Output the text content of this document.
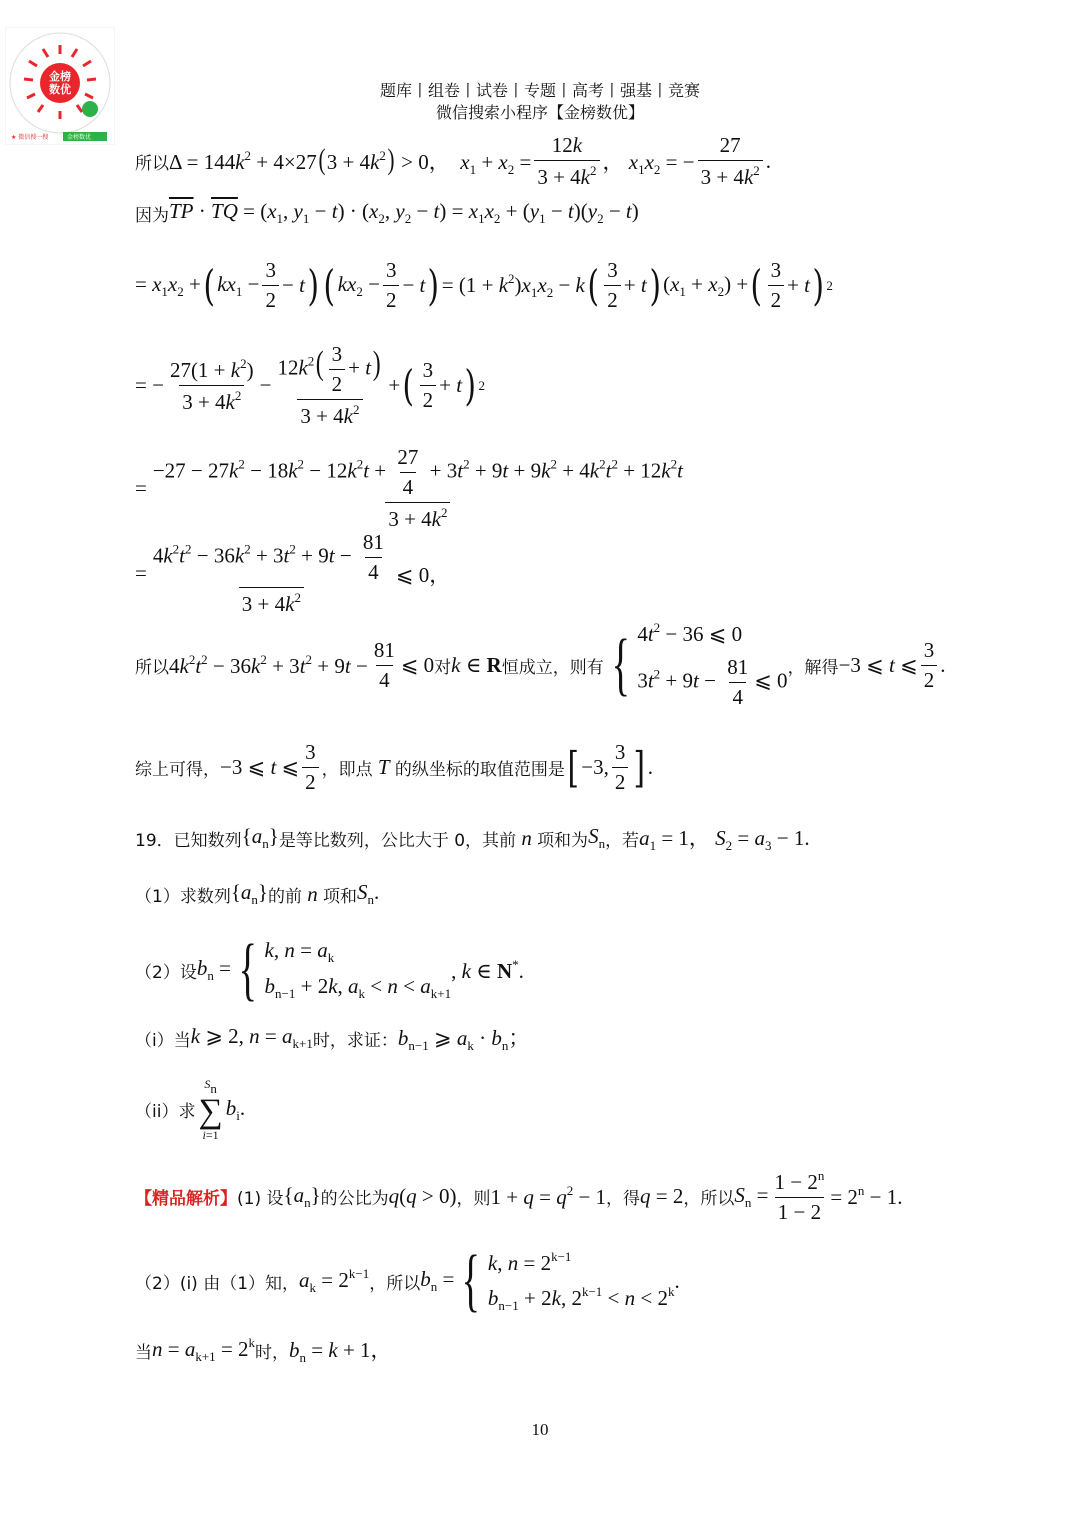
金榜
数优
★ 微信搜一搜	金榜数优
题库丨组卷丨试卷丨专题丨高考丨强基丨竞赛
微信搜索小程序【金榜数优】
所以 $\Delta = 144k^2 + 4\times 27(3 + 4k^2) > 0$，  $x_1 + x_2 = \frac{12k}{3 + 4k^2}$ ， $x_1x_2$ = − $\frac{27}{3 + 4k^2}$ .
因为 $\overline{TP} \cdot \overline{TQ} = (x_1$, $y_1 - t) \cdot (x_2$, $y_2 - t) = x_1x_2 + (y_1 - t)(y_2 - t)$
= $x_1x_2$ + ( $kx_1 - \frac{3}{2} - t$ ) ( $kx_2 - \frac{3}{2} - t$ ) = $(1 + k^2)x_1x_2 - k$ ( $\frac{3}{2} + t$ ) $(x_1 + x_2)$ + ( $\frac{3}{2} + t$ ) 2
= − $\frac{27(1 + k^2)}{3 + 4k^2} - \frac{12k^2( \frac{3}{2} + t)}{3 + 4k^2}$ + ( $\frac{3}{2} + t$ ) 2
=
$-27 - 27k^2 - 18k^2 - 12k^2t + \frac{27}{4} + 3t^2 + 9t + 9k^2 + 4k^2t^2 + 12k^2t$
$3 + 4k^2$
= $\frac{4k^2t^2 - 36k^2 + 3t^2 + 9t - \frac{81}{4}}{3 + 4k^2}$ ⩽ 0，
所以 $4k^2t^2 - 36k^2 + 3t^2 + 9t - \frac{81}{4}$ ⩽ 0 对 k ∈ R 恒成立，则有 { $4t^2 - 36$ ⩽ 0
$3t^2 + 9t - \frac{81}{4}$ ⩽ 0
，解得 −3 ⩽ t ⩽ $\frac{3}{2}$ .
综上可得， −3 ⩽ t ⩽ $\frac{3}{2}$ ，即点 T 的纵坐标的取值范围是 [ −3, $\frac{3}{2}$ ] .
19．已知数列 $\{a_n\}$ 是等比数列，公比大于 0，其前 n 项和为 $S_n$ ，若 $a_1 = 1$， $S_2 = a_3 - 1$.
（1）求数列 $\{a_n\}$ 的前 n 项和 $S_n$.
（2）设 $b_n$ = { k, $n = a_k$
$b_{n-1} + 2k$, $a_k < n < a_{k+1}$
, k ∈ N*.
（i）当 k ⩾ 2, $n = a_{k+1}$ 时，求证： $b_{n-1}$ ⩾ $a_k \cdot b_n$；
（ii）求
Sn
∑
i=1
$b_i$.
【精品解析】 (1) 设 $\{a_n\}$ 的公比为 q(q > 0) ，则 $1 + q = q^2 - 1$ ，得 q = 2 ，所以 $S_n = \frac{1 - 2^n}{1 - 2} = 2^n - 1$.
（2）(i) 由（1）知， $a_k = 2^{k-1}$ ，所以 $b_n$ = { k, $n = 2^{k-1}$
$b_{n-1} + 2k$, $2^{k-1} < n < 2^k$ .
当 $n = a_{k+1} = 2^k$ 时， $b_n = k + 1$，
10
